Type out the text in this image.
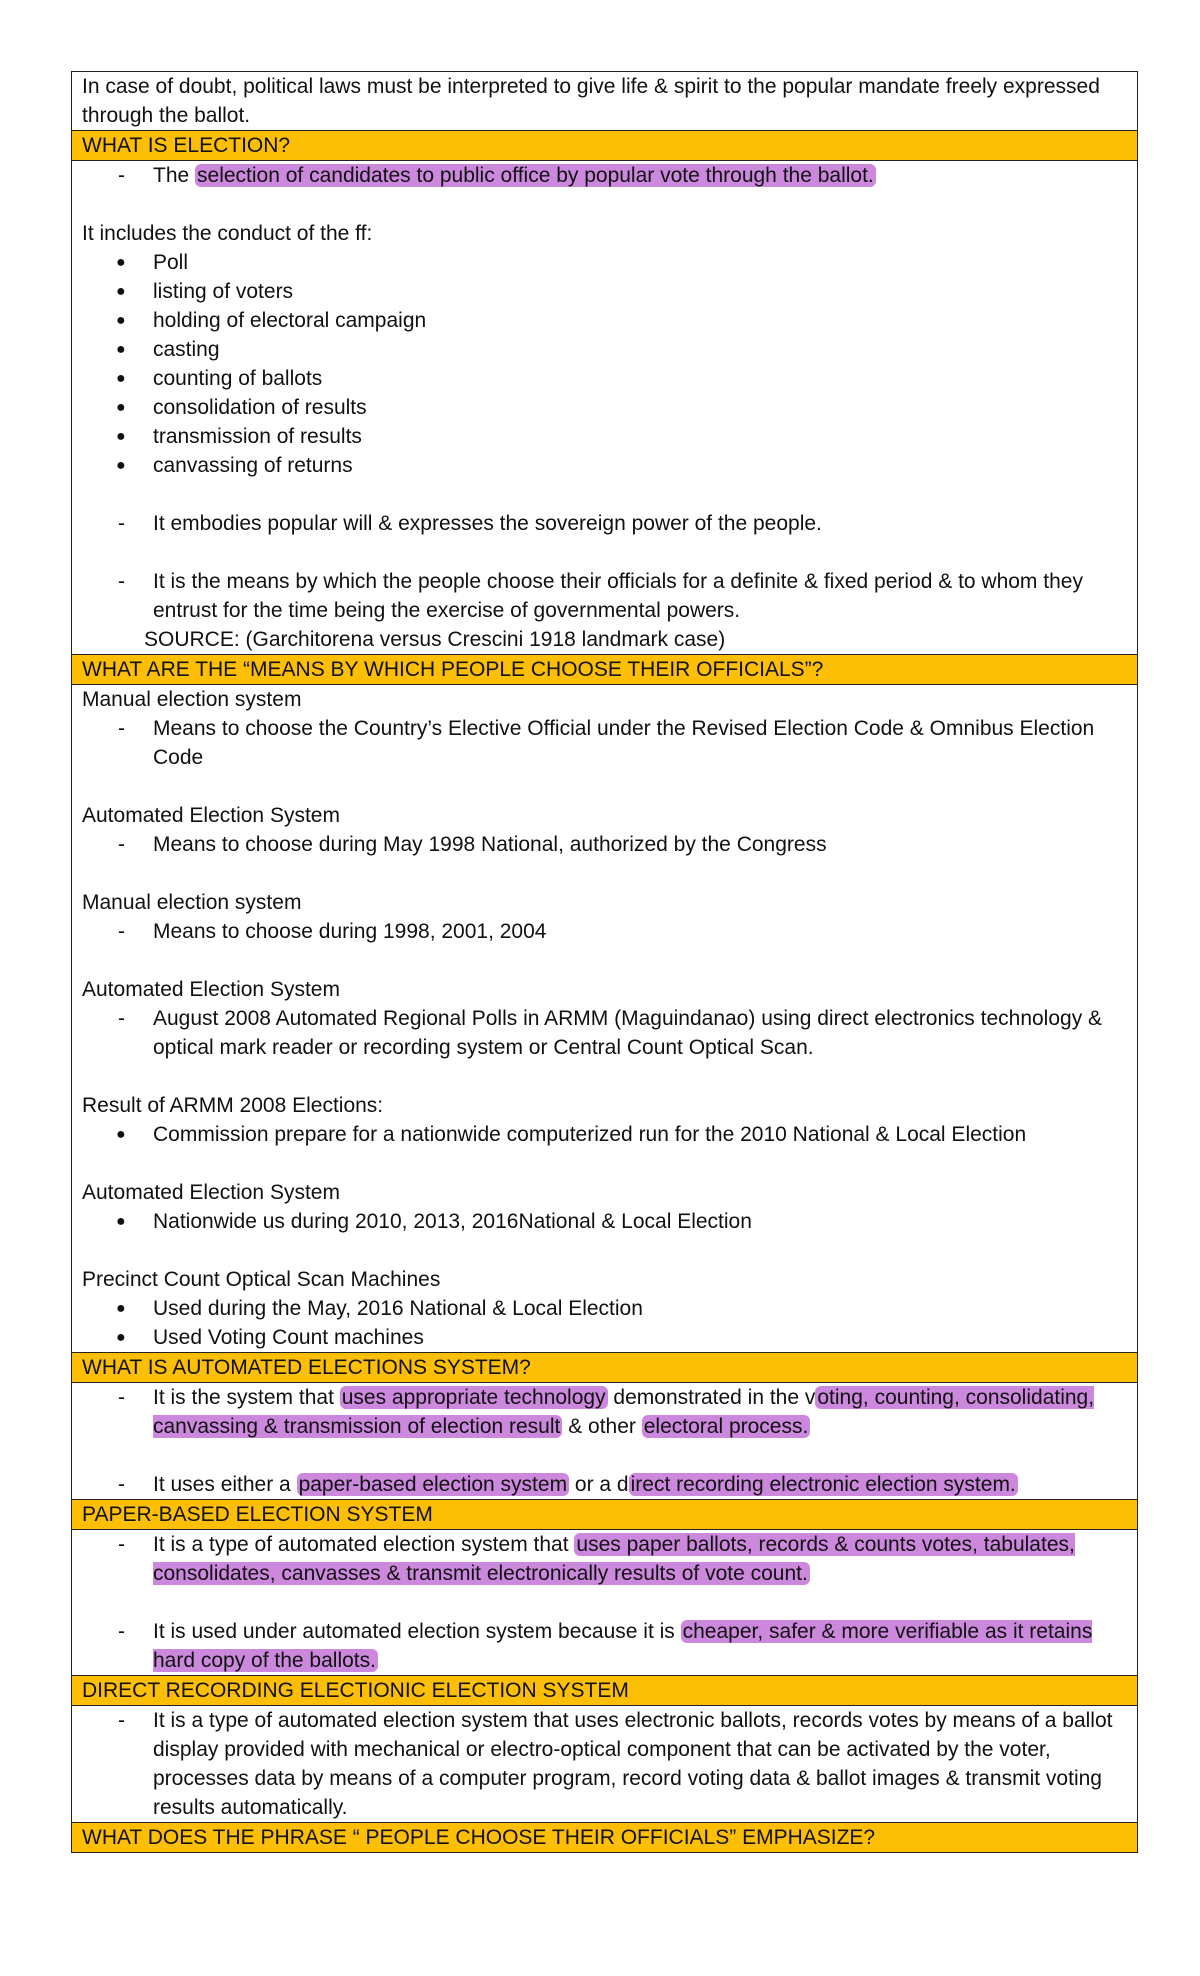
In case of doubt, political laws must be interpreted to give life & spirit to the popular mandate freely expressed through the ballot.
WHAT IS ELECTION?
-	The selection of candidates to public office by popular vote through the ballot.
It includes the conduct of the ff:
●	Poll
●	listing of voters
●	holding of electoral campaign
●	casting
●	counting of ballots
●	consolidation of results
●	transmission of results
●	canvassing of returns
-	It embodies popular will & expresses the sovereign power of the people.
-	It is the means by which the people choose their officials for a definite & fixed period & to whom they entrust for the time being the exercise of governmental powers.
SOURCE: (Garchitorena versus Crescini 1918 landmark case)
WHAT ARE THE “MEANS BY WHICH PEOPLE CHOOSE THEIR OFFICIALS”?
Manual election system
-	Means to choose the Country’s Elective Official under the Revised Election Code & Omnibus Election Code
Automated Election System
-	Means to choose during May 1998 National, authorized by the Congress
Manual election system
-	Means to choose during 1998, 2001, 2004
Automated Election System
-	August 2008 Automated Regional Polls in ARMM (Maguindanao) using direct electronics technology & optical mark reader or recording system or Central Count Optical Scan.
Result of ARMM 2008 Elections:
●	Commission prepare for a nationwide computerized run for the 2010 National & Local Election
Automated Election System
●	Nationwide us during 2010, 2013, 2016National & Local Election
Precinct Count Optical Scan Machines
●	Used during the May, 2016 National & Local Election
●	Used Voting Count machines
WHAT IS AUTOMATED ELECTIONS SYSTEM?
-	It is the system that uses appropriate technology demonstrated in the voting, counting, consolidating, canvassing & transmission of election result & other electoral process.
-	It uses either a paper-based election system or a direct recording electronic election system.
PAPER-BASED ELECTION SYSTEM
-	It is a type of automated election system that uses paper ballots, records & counts votes, tabulates, consolidates, canvasses & transmit electronically results of vote count.
-	It is used under automated election system because it is cheaper, safer & more verifiable as it retains hard copy of the ballots.
DIRECT RECORDING ELECTIONIC ELECTION SYSTEM
-	It is a type of automated election system that uses electronic ballots, records votes by means of a ballot display provided with mechanical or electro-optical component that can be activated by the voter, processes data by means of a computer program, record voting data & ballot images & transmit voting results automatically.
WHAT DOES THE PHRASE “ PEOPLE CHOOSE THEIR OFFICIALS” EMPHASIZE?
